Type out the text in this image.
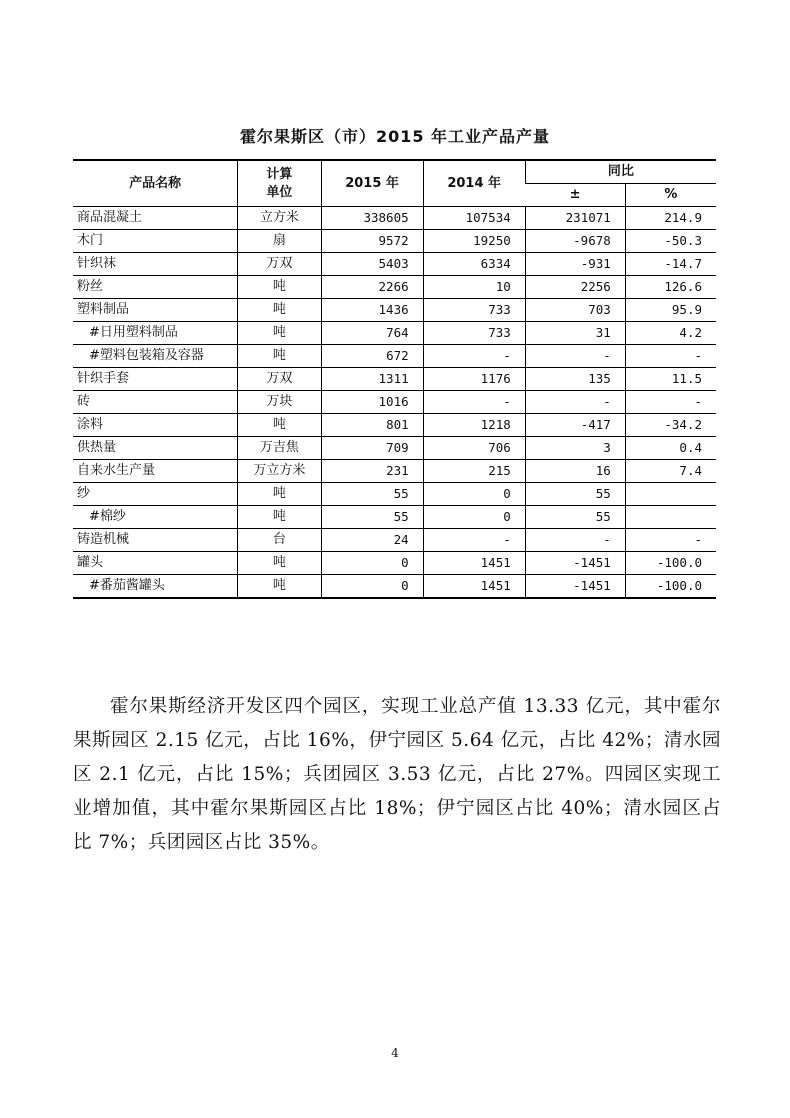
霍尔果斯区（市）2015 年工业产品产量
产品名称	计算
单位	2015 年	2014 年	同比	
				±	%
商品混凝土	立方米	338605	107534	231071	214.9
木门	扇	9572	19250	-9678	-50.3
针织袜	万双	5403	6334	-931	-14.7
粉丝	吨	2266	10	2256	126.6
塑料制品	吨	1436	733	703	95.9
#日用塑料制品	吨	764	733	31	4.2
#塑料包装箱及容器	吨	672	-	-	-
针织手套	万双	1311	1176	135	11.5
砖	万块	1016	-	-	-
涂料	吨	801	1218	-417	-34.2
供热量	万吉焦	709	706	3	0.4
自来水生产量	万立方米	231	215	16	7.4
纱	吨	55	0	55	
#棉纱	吨	55	0	55	
铸造机械	台	24	-	-	-
罐头	吨	0	1451	-1451	-100.0
#番茄酱罐头	吨	0	1451	-1451	-100.0

霍尔果斯经济开发区四个园区，实现工业总产值 13.33 亿元，其中霍尔果斯园区 2.15 亿元，占比 16%，伊宁园区 5.64 亿元，占比 42%；清水园区 2.1 亿元，占比 15%；兵团园区 3.53 亿元，占比 27%。四园区实现工业增加值，其中霍尔果斯园区占比 18%；伊宁园区占比 40%；清水园区占比 7%；兵团园区占比 35%。

4
